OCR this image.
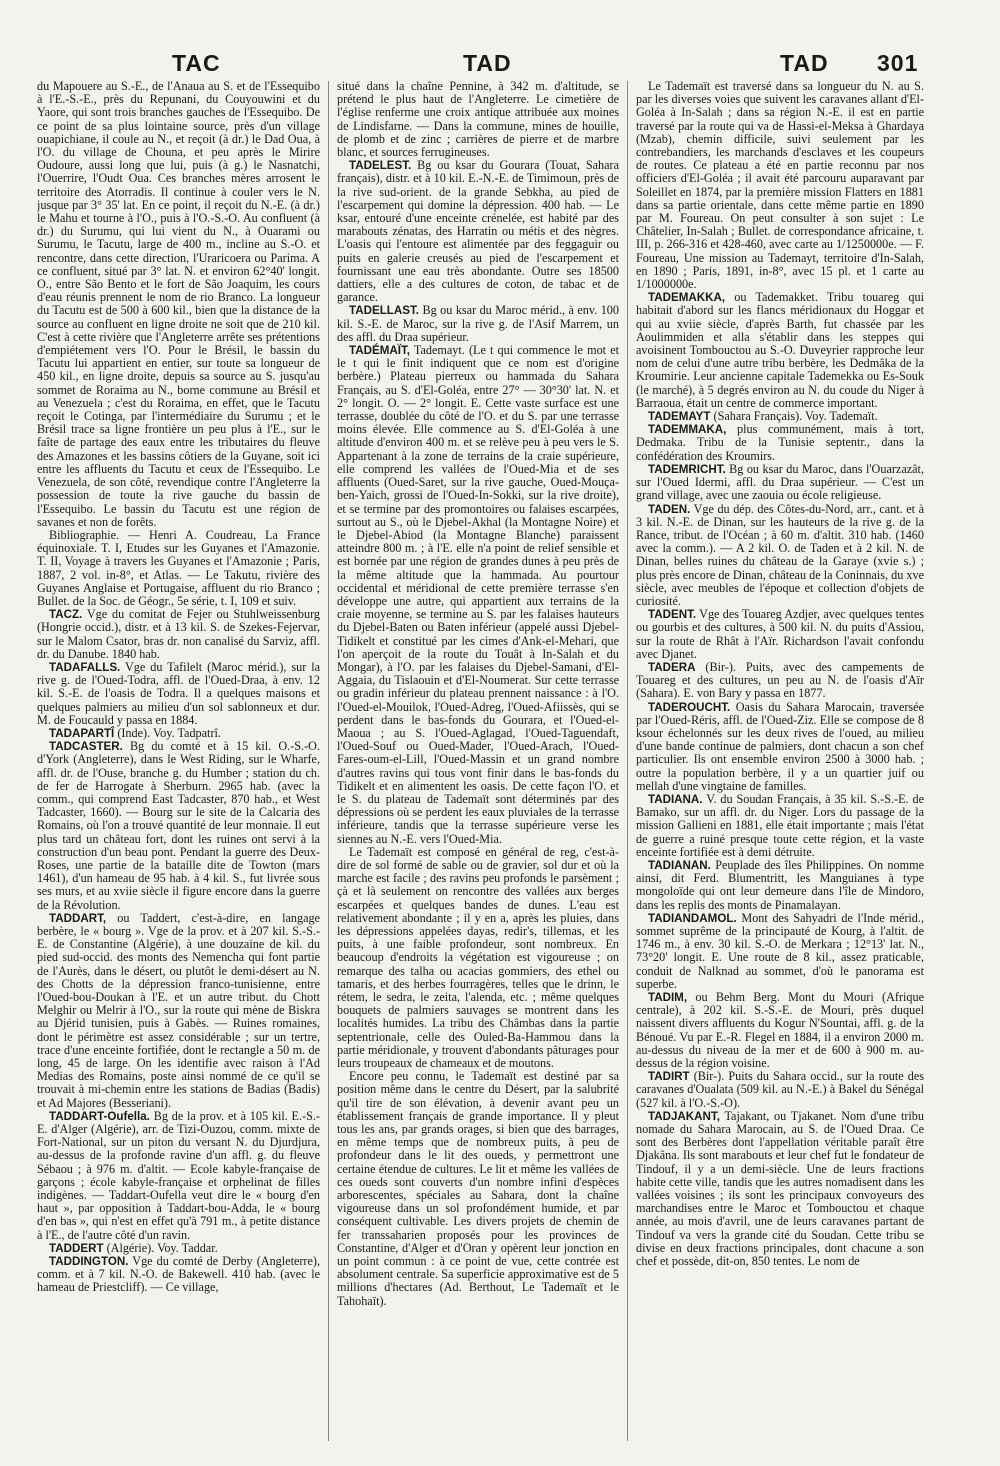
TAC	TAD	TAD 301

du Mapouere au S.-E., de l'Anaua au S. et de l'Essequibo à l'E.-S.-E., près du Repunani, du Couyouwini et du Yaore, qui sont trois branches gauches de l'Essequibo. De ce point de sa plus lointaine source, près d'un village ouapichiane, il coule au N., et reçoit (à dr.) le Dad Oua, à l'O. du village de Chouna, et peu après le Mirire Oudoure, aussi long que lui, puis (à g.) le Nasnatchi, l'Ouerrire, l'Oudt Oua. Ces branches mères arrosent le territoire des Atorradis. Il continue à couler vers le N. jusque par 3° 35' lat. En ce point, il reçoit du N.-E. (à dr.) le Mahu et tourne à l'O., puis à l'O.-S.-O. Au confluent (à dr.) du Surumu, qui lui vient du N., à Ouarami ou Surumu, le Tacutu, large de 400 m., incline au S.-O. et rencontre, dans cette direction, l'Uraricoera ou Parima. A ce confluent, situé par 3° lat. N. et environ 62°40' longit. O., entre São Bento et le fort de São Joaquim, les cours d'eau réunis prennent le nom de rio Branco. La longueur du Tacutu est de 500 à 600 kil., bien que la distance de la source au confluent en ligne droite ne soit que de 210 kil. C'est à cette rivière que l'Angleterre arrête ses prétentions d'empiétement vers l'O. Pour le Brésil, le bassin du Tacutu lui appartient en entier, sur toute sa longueur de 450 kil., en ligne droite, depuis sa source au S. jusqu'au sommet de Roraima au N., borne commune au Brésil et au Venezuela ; c'est du Roraima, en effet, que le Tacutu reçoit le Cotinga, par l'intermédiaire du Surumu ; et le Brésil trace sa ligne frontière un peu plus à l'E., sur le faîte de partage des eaux entre les tributaires du fleuve des Amazones et les bassins côtiers de la Guyane, soit ici entre les affluents du Tacutu et ceux de l'Essequibo. Le Venezuela, de son côté, revendique contre l'Angleterre la possession de toute la rive gauche du bassin de l'Essequibo. Le bassin du Tacutu est une région de savanes et non de forêts.

Bibliographie. — Henri A. Coudreau, La France équinoxiale. T. I, Etudes sur les Guyanes et l'Amazonie. T. II, Voyage à travers les Guyanes et l'Amazonie ; Paris, 1887, 2 vol. in-8°, et Atlas. — Le Takutu, rivière des Guyanes Anglaise et Portugaise, affluent du rio Branco ; Bullet. de la Soc. de Géogr., 5e série, t. I, 109 et suiv.

TACZ. Vge du comitat de Fejer ou Stuhlweissenburg (Hongrie occid.), distr. et à 13 kil. S. de Szekes-Fejervar, sur le Malom Csator, bras dr. non canalisé du Sarviz, affl. dr. du Danube. 1840 hab.

TADAFALLS. Vge du Tafilelt (Maroc mérid.), sur la rive g. de l'Oued-Todra, affl. de l'Oued-Draa, à env. 12 kil. S.-E. de l'oasis de Todra. Il a quelques maisons et quelques palmiers au milieu d'un sol sablonneux et dur. M. de Foucauld y passa en 1884.

TADAPARTÎ (Inde). Voy. Tadpatrî.

TADCASTER. Bg du comté et à 15 kil. O.-S.-O. d'York (Angleterre), dans le West Riding, sur le Wharfe, affl. dr. de l'Ouse, branche g. du Humber ; station du ch. de fer de Harrogate à Sherburn. 2965 hab. (avec la comm., qui comprend East Tadcaster, 870 hab., et West Tadcaster, 1660). — Bourg sur le site de la Calcaria des Romains, où l'on a trouvé quantité de leur monnaie. Il eut plus tard un château fort, dont les ruines ont servi à la construction d'un beau pont. Pendant la guerre des Deux-Roses, une partie de la bataille dite de Towton (mars 1461), d'un hameau de 95 hab. à 4 kil. S., fut livrée sous ses murs, et au xviie siècle il figure encore dans la guerre de la Révolution.

TADDART, ou Taddert, c'est-à-dire, en langage berbère, le « bourg ». Vge de la prov. et à 207 kil. S.-S.-E. de Constantine (Algérie), à une douzaine de kil. du pied sud-occid. des monts des Nemencha qui font partie de l'Aurès, dans le désert, ou plutôt le demi-désert au N. des Chotts de la dépression franco-tunisienne, entre l'Oued-bou-Doukan à l'E. et un autre tribut. du Chott Melghir ou Melrir à l'O., sur la route qui mène de Biskra au Djérid tunisien, puis à Gabès. — Ruines romaines, dont le périmètre est assez considérable ; sur un tertre, trace d'une enceinte fortifiée, dont le rectangle a 50 m. de long, 45 de large. On les identifie avec raison à l'Ad Medias des Romains, poste ainsi nommé de ce qu'il se trouvait à mi-chemin entre les stations de Badias (Badis) et Ad Majores (Besseriani).

TADDART-Oufella. Bg de la prov. et à 105 kil. E.-S.-E. d'Alger (Algérie), arr. de Tizi-Ouzou, comm. mixte de Fort-National, sur un piton du versant N. du Djurdjura, au-dessus de la profonde ravine d'un affl. g. du fleuve Sébaou ; à 976 m. d'altit. — Ecole kabyle-française de garçons ; école kabyle-française et orphelinat de filles indigènes. — Taddart-Oufella veut dire le « bourg d'en haut », par opposition à Taddart-bou-Adda, le « bourg d'en bas », qui n'est en effet qu'à 791 m., à petite distance à l'E., de l'autre côté d'un ravin.

TADDERT (Algérie). Voy. Taddar.

TADDINGTON. Vge du comté de Derby (Angleterre), comm. et à 7 kil. N.-O. de Bakewell. 410 hab. (avec le hameau de Priestcliff). — Ce village,

situé dans la chaîne Pennine, à 342 m. d'altitude, se prétend le plus haut de l'Angleterre. Le cimetière de l'église renferme une croix antique attribuée aux moines de Lindisfarne. — Dans la commune, mines de houille, de plomb et de zinc ; carrières de pierre et de marbre blanc, et sources ferrugineuses.

TADELEST. Bg ou ksar du Gourara (Touat, Sahara français), distr. et à 10 kil. E.-N.-E. de Timimoun, près de la rive sud-orient. de la grande Sebkha, au pied de l'escarpement qui domine la dépression. 400 hab. — Le ksar, entouré d'une enceinte crénelée, est habité par des marabouts zénatas, des Harratin ou métis et des nègres. L'oasis qui l'entoure est alimentée par des feggaguir ou puits en galerie creusés au pied de l'escarpement et fournissant une eau très abondante. Outre ses 18500 dattiers, elle a des cultures de coton, de tabac et de garance.

TADELLAST. Bg ou ksar du Maroc mérid., à env. 100 kil. S.-E. de Maroc, sur la rive g. de l'Asif Marrem, un des affl. du Draa supérieur.

TADÉMAÏT, Tademayt. (Le t qui commence le mot et le t qui le finit indiquent que ce nom est d'origine berbère.) Plateau pierreux ou hammada du Sahara Français, au S. d'El-Goléa, entre 27° — 30°30' lat. N. et 2° longit. O. — 2° longit. E. Cette vaste surface est une terrasse, doublée du côté de l'O. et du S. par une terrasse moins élevée. Elle commence au S. d'El-Goléa à une altitude d'environ 400 m. et se relève peu à peu vers le S. Appartenant à la zone de terrains de la craie supérieure, elle comprend les vallées de l'Oued-Mia et de ses affluents (Oued-Saret, sur la rive gauche, Oued-Mouça-ben-Yaich, grossi de l'Oued-In-Sokki, sur la rive droite), et se termine par des promontoires ou falaises escarpées, surtout au S., où le Djebel-Akhal (la Montagne Noire) et le Djebel-Abiod (la Montagne Blanche) paraissent atteindre 800 m. ; à l'E. elle n'a point de relief sensible et est bornée par une région de grandes dunes à peu près de la même altitude que la hammada. Au pourtour occidental et méridional de cette première terrasse s'en développe une autre, qui appartient aux terrains de la craie moyenne, se termine au S. par les falaises hauteurs du Djebel-Baten ou Baten inférieur (appelé aussi Djebel-Tidikelt et constitué par les cimes d'Ank-el-Mehari, que l'on aperçoit de la route du Touât à In-Salah et du Mongar), à l'O. par les falaises du Djebel-Samani, d'El-Aggaia, du Tislaouin et d'El-Noumerat. Sur cette terrasse ou gradin inférieur du plateau prennent naissance : à l'O. l'Oued-el-Mouilok, l'Oued-Adreg, l'Oued-Afiissès, qui se perdent dans le bas-fonds du Gourara, et l'Oued-el-Maoua ; au S. l'Oued-Aglagad, l'Oued-Taguendaft, l'Oued-Souf ou Oued-Mader, l'Oued-Arach, l'Oued-Fares-oum-el-Lill, l'Oued-Massin et un grand nombre d'autres ravins qui tous vont finir dans le bas-fonds du Tidikelt et en alimentent les oasis. De cette façon l'O. et le S. du plateau de Tademaït sont déterminés par des dépressions où se perdent les eaux pluviales de la terrasse inférieure, tandis que la terrasse supérieure verse les siennes au N.-E. vers l'Oued-Mia.

Le Tademaït est composé en général de reg, c'est-à-dire de sol formé de sable ou de gravier, sol dur et où la marche est facile ; des ravins peu profonds le parsèment ; çà et là seulement on rencontre des vallées aux berges escarpées et quelques bandes de dunes. L'eau est relativement abondante ; il y en a, après les pluies, dans les dépressions appelées dayas, redir's, tillemas, et les puits, à une faible profondeur, sont nombreux. En beaucoup d'endroits la végétation est vigoureuse ; on remarque des talha ou acacias gommiers, des ethel ou tamaris, et des herbes fourragères, telles que le drinn, le rétem, le sedra, le zeita, l'alenda, etc. ; même quelques bouquets de palmiers sauvages se montrent dans les localités humides. La tribu des Châmbas dans la partie septentrionale, celle des Ouled-Ba-Hammou dans la partie méridionale, y trouvent d'abondants pâturages pour leurs troupeaux de chameaux et de moutons.

Encore peu connu, le Tademaït est destiné par sa position même dans le centre du Désert, par la salubrité qu'il tire de son élévation, à devenir avant peu un établissement français de grande importance. Il y pleut tous les ans, par grands orages, si bien que des barrages, en même temps que de nombreux puits, à peu de profondeur dans le lit des oueds, y permettront une certaine étendue de cultures. Le lit et même les vallées de ces oueds sont couverts d'un nombre infini d'espèces arborescentes, spéciales au Sahara, dont la chaîne vigoureuse dans un sol profondément humide, et par conséquent cultivable. Les divers projets de chemin de fer transsaharien proposés pour les provinces de Constantine, d'Alger et d'Oran y opèrent leur jonction en un point commun : à ce point de vue, cette contrée est absolument centrale. Sa superficie approximative est de 5 millions d'hectares (Ad. Berthout, Le Tademaït et le Tahohaït).

Le Tademaït est traversé dans sa longueur du N. au S. par les diverses voies que suivent les caravanes allant d'El-Goléa à In-Salah ; dans sa région N.-E. il est en partie traversé par la route qui va de Hassi-el-Meksa à Ghardaya (Mzab), chemin difficile, suivi seulement par les contrebandiers, les marchands d'esclaves et les coupeurs de routes. Ce plateau a été en partie reconnu par nos officiers d'El-Goléa ; il avait été parcouru auparavant par Soleillet en 1874, par la première mission Flatters en 1881 dans sa partie orientale, dans cette même partie en 1890 par M. Foureau. On peut consulter à son sujet : Le Châtelier, In-Salah ; Bullet. de correspondance africaine, t. III, p. 266-316 et 428-460, avec carte au 1/1250000e. — F. Foureau, Une mission au Tademayt, territoire d'In-Salah, en 1890 ; Paris, 1891, in-8°, avec 15 pl. et 1 carte au 1/1000000e.

TADEMAKKA, ou Tademakket. Tribu touareg qui habitait d'abord sur les flancs méridionaux du Hoggar et qui au xviie siècle, d'après Barth, fut chassée par les Aoulimmiden et alla s'établir dans les steppes qui avoisinent Tombouctou au S.-O. Duveyrier rapproche leur nom de celui d'une autre tribu berbère, les Dedmâka de la Kroumirie. Leur ancienne capitale Tademekka ou Es-Souk (le marché), à 5 degrés environ au N. du coude du Niger à Barraoua, était un centre de commerce important.

TADEMAYT (Sahara Français). Voy. Tademaït.

TADEMMAKA, plus communément, mais à tort, Dedmaka. Tribu de la Tunisie septentr., dans la confédération des Kroumirs.

TADEMRICHT. Bg ou ksar du Maroc, dans l'Ouarzazât, sur l'Oued Idermi, affl. du Draa supérieur. — C'est un grand village, avec une zaouia ou école religieuse.

TADEN. Vge du dép. des Côtes-du-Nord, arr., cant. et à 3 kil. N.-E. de Dinan, sur les hauteurs de la rive g. de la Rance, tribut. de l'Océan ; à 60 m. d'altit. 310 hab. (1460 avec la comm.). — A 2 kil. O. de Taden et à 2 kil. N. de Dinan, belles ruines du château de la Garaye (xvie s.) ; plus près encore de Dinan, château de la Coninnais, du xve siècle, avec meubles de l'époque et collection d'objets de curiosité.

TADENT. Vge des Touareg Azdjer, avec quelques tentes ou gourbis et des cultures, à 500 kil. N. du puits d'Assiou, sur la route de Rhât à l'Aïr. Richardson l'avait confondu avec Djanet.

TADERA (Bir-). Puits, avec des campements de Touareg et des cultures, un peu au N. de l'oasis d'Aïr (Sahara). E. von Bary y passa en 1877.

TADEROUCHT. Oasis du Sahara Marocain, traversée par l'Oued-Réris, affl. de l'Oued-Ziz. Elle se compose de 8 ksour échelonnés sur les deux rives de l'oued, au milieu d'une bande continue de palmiers, dont chacun a son chef particulier. Ils ont ensemble environ 2500 à 3000 hab. ; outre la population berbère, il y a un quartier juif ou mellah d'une vingtaine de familles.

TADIANA. V. du Soudan Français, à 35 kil. S.-S.-E. de Bamako, sur un affl. dr. du Niger. Lors du passage de la mission Gallieni en 1881, elle était importante ; mais l'état de guerre a ruiné presque toute cette région, et la vaste enceinte fortifiée est à demi détruite.

TADIANAN. Peuplade des îles Philippines. On nomme ainsi, dit Ferd. Blumentritt, les Manguianes à type mongoloïde qui ont leur demeure dans l'île de Mindoro, dans les replis des monts de Pinamalayan.

TADIANDAMOL. Mont des Sahyadri de l'Inde mérid., sommet suprême de la principauté de Kourg, à l'altit. de 1746 m., à env. 30 kil. S.-O. de Merkara ; 12°13' lat. N., 73°20' longit. E. Une route de 8 kil., assez praticable, conduit de Nalknad au sommet, d'où le panorama est superbe.

TADIM, ou Behm Berg. Mont du Mouri (Afrique centrale), à 202 kil. S.-S.-E. de Mouri, près duquel naissent divers affluents du Kogur N'Sountai, affl. g. de la Bénoué. Vu par E.-R. Flegel en 1884, il a environ 2000 m. au-dessus du niveau de la mer et de 600 à 900 m. au-dessus de la région voisine.

TADIRT (Bir-). Puits du Sahara occid., sur la route des caravanes d'Oualata (509 kil. au N.-E.) à Bakel du Sénégal (527 kil. à l'O.-S.-O).

TADJAKANT, Tajakant, ou Tjakanet. Nom d'une tribu nomade du Sahara Marocain, au S. de l'Oued Draa. Ce sont des Berbères dont l'appellation véritable paraît être Djakâna. Ils sont marabouts et leur chef fut le fondateur de Tindouf, il y a un demi-siècle. Une de leurs fractions habite cette ville, tandis que les autres nomadisent dans les vallées voisines ; ils sont les principaux convoyeurs des marchandises entre le Maroc et Tombouctou et chaque année, au mois d'avril, une de leurs caravanes partant de Tindouf va vers la grande cité du Soudan. Cette tribu se divise en deux fractions principales, dont chacune a son chef et possède, dit-on, 850 tentes. Le nom de
